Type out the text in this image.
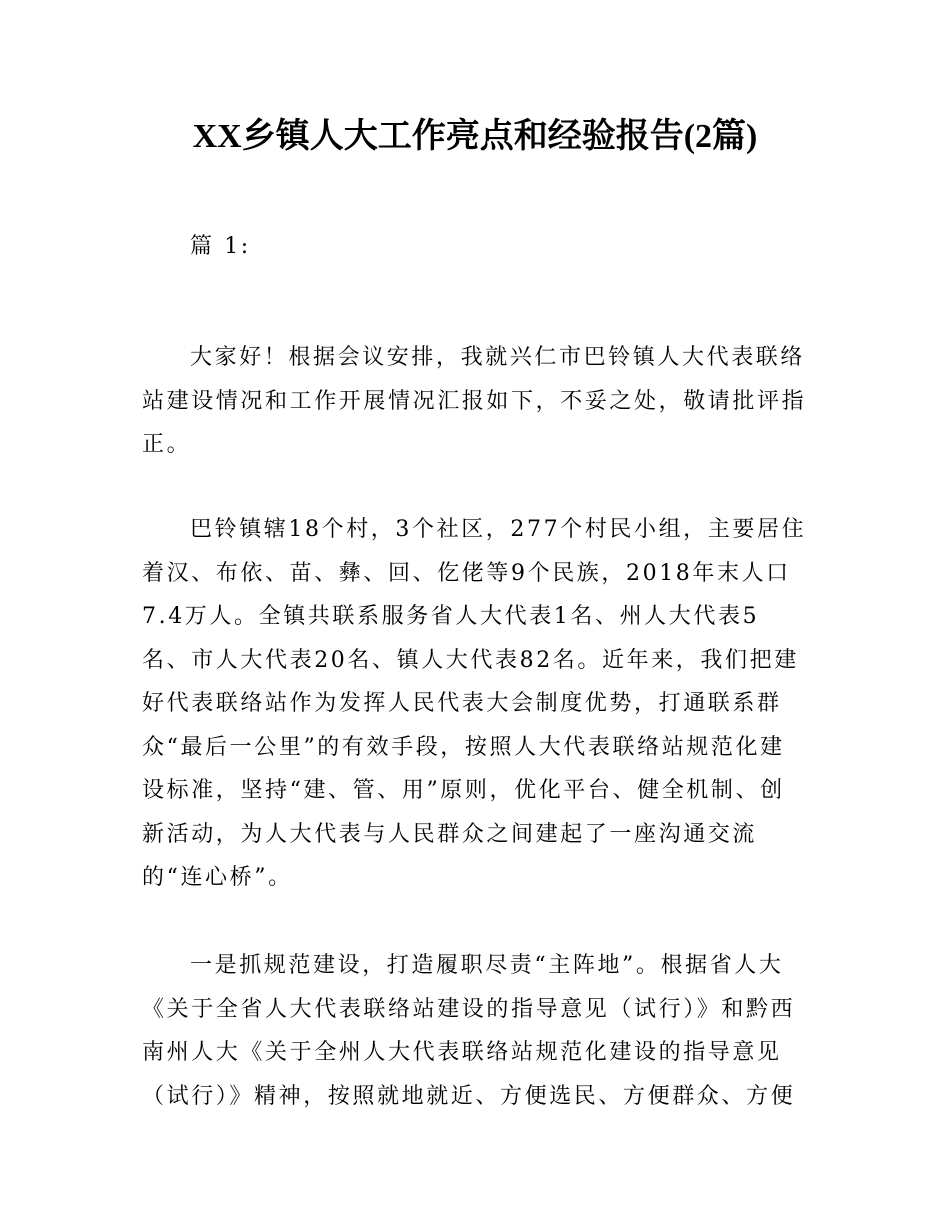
XX乡镇人大工作亮点和经验报告(2篇)
篇 1:
大家好！根据会议安排，我就兴仁市巴铃镇人大代表联络
站建设情况和工作开展情况汇报如下，不妥之处，敬请批评指
正。
巴铃镇辖18个村，3个社区，277个村民小组，主要居住
着汉、布依、苗、彝、回、仡佬等9个民族，2018年末人口
7.4万人。全镇共联系服务省人大代表1名、州人大代表5
名、市人大代表20名、镇人大代表82名。近年来，我们把建
好代表联络站作为发挥人民代表大会制度优势，打通联系群
众“最后一公里”的有效手段，按照人大代表联络站规范化建
设标准，坚持“建、管、用”原则，优化平台、健全机制、创
新活动，为人大代表与人民群众之间建起了一座沟通交流
的“连心桥”。
一是抓规范建设，打造履职尽责“主阵地”。根据省人大
《关于全省人大代表联络站建设的指导意见（试行）》和黔西
南州人大《关于全州人大代表联络站规范化建设的指导意见
（试行）》精神，按照就地就近、方便选民、方便群众、方便
